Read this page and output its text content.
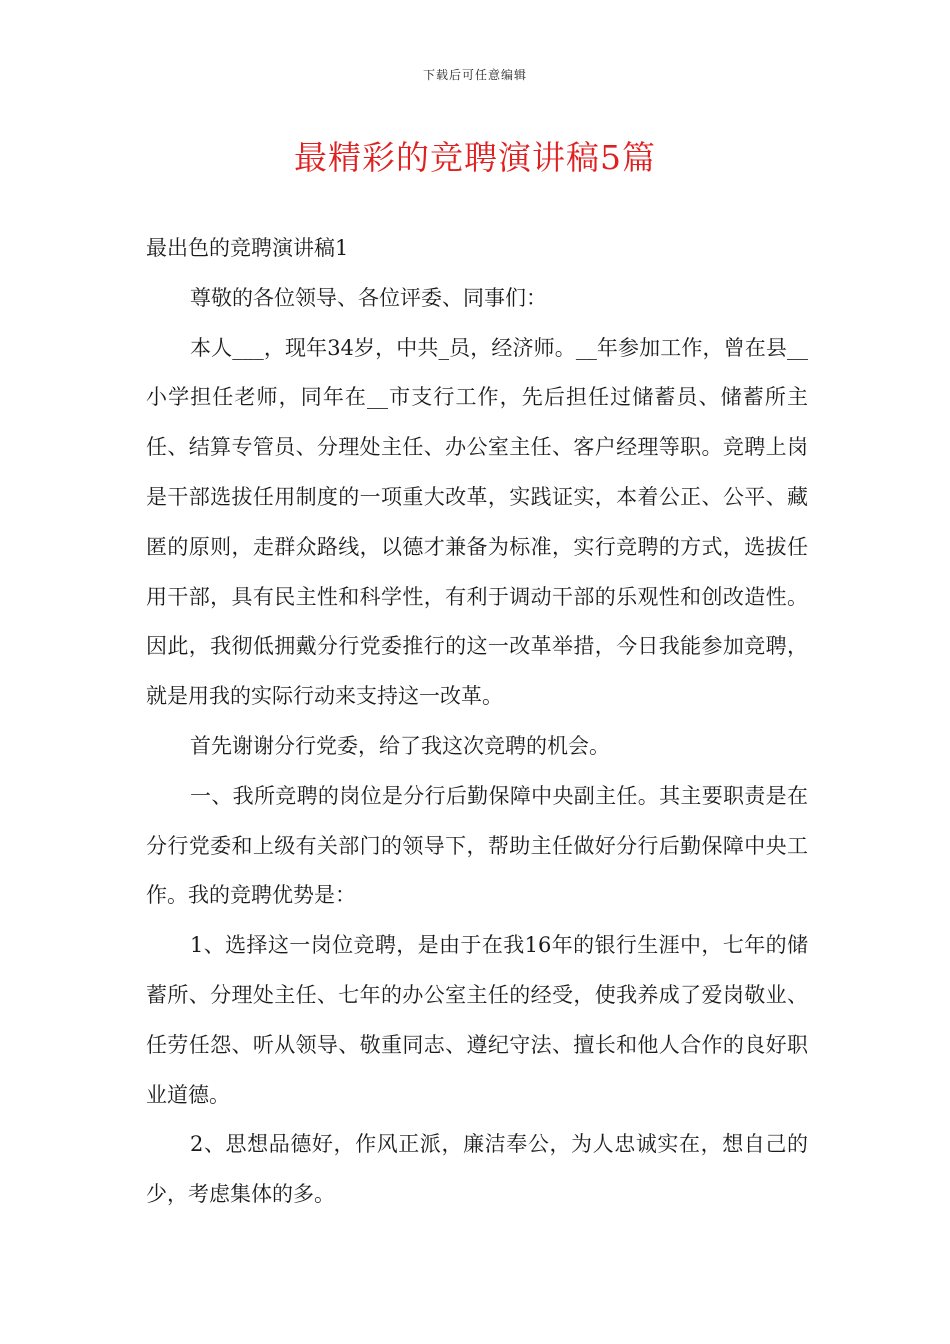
下载后可任意编辑
最精彩的竞聘演讲稿5篇

最出色的竞聘演讲稿1

尊敬的各位领导、各位评委、同事们：

本人___，现年34岁，中共_员，经济师。__年参加工作，曾在县__小学担任老师，同年在__市支行工作，先后担任过储蓄员、储蓄所主任、结算专管员、分理处主任、办公室主任、客户经理等职。竞聘上岗是干部选拔任用制度的一项重大改革，实践证实，本着公正、公平、藏匿的原则，走群众路线，以德才兼备为标准，实行竞聘的方式，选拔任用干部，具有民主性和科学性，有利于调动干部的乐观性和创改造性。因此，我彻低拥戴分行党委推行的这一改革举措，今日我能参加竞聘，就是用我的实际行动来支持这一改革。

首先谢谢分行党委，给了我这次竞聘的机会。

一、我所竞聘的岗位是分行后勤保障中央副主任。其主要职责是在分行党委和上级有关部门的领导下，帮助主任做好分行后勤保障中央工作。我的竞聘优势是：

1、选择这一岗位竞聘，是由于在我16年的银行生涯中，七年的储蓄所、分理处主任、七年的办公室主任的经受，使我养成了爱岗敬业、任劳任怨、听从领导、敬重同志、遵纪守法、擅长和他人合作的良好职业道德。

2、思想品德好，作风正派，廉洁奉公，为人忠诚实在，想自己的少，考虑集体的多。
